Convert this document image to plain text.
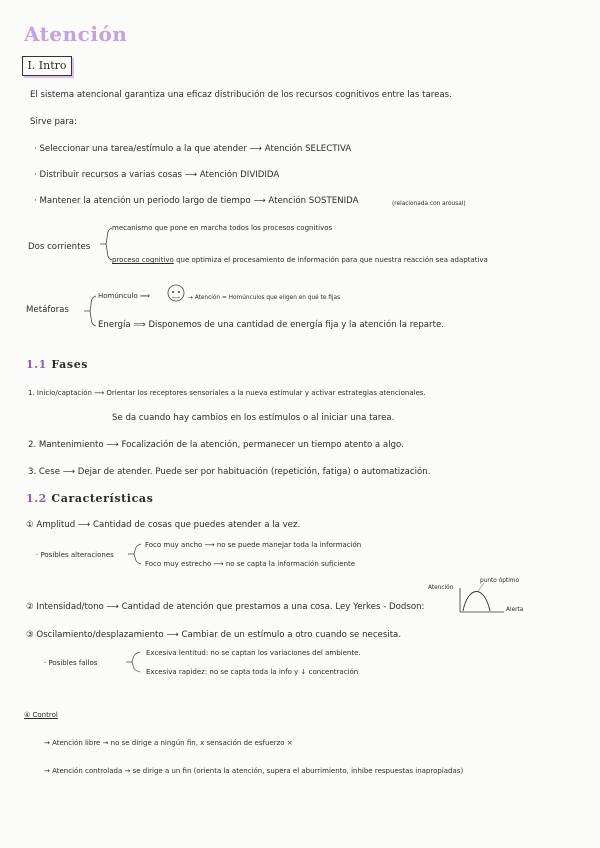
Atención
I. Intro
El sistema atencional garantiza una eficaz distribución de los recursos cognitivos entre las tareas.
Sirve para:
· Seleccionar una tarea/estímulo a la que atender ⟶ Atención SELECTIVA
· Distribuir recursos a varias cosas ⟶ Atención DIVIDIDA
· Mantener la atención un periodo largo de tiempo ⟶ Atención SOSTENIDA	(relacionada con arousal)
Dos corrientes
mecanismo que pone en marcha todos los procesos cognitivos
proceso cognitivo que optimiza el procesamiento de información para que nuestra reacción sea adaptativa
Metáforas
Homúnculo ⟹	→ Atención = Homúnculos que eligen en qué te fijas
Energía ⟹ Disponemos de una cantidad de energía fija y la atención la reparte.
1.1 Fases
1. Inicio/captación ⟶ Orientar los receptores sensoriales a la nueva estimular y activar estrategias atencionales.
Se da cuando hay cambios en los estímulos o al iniciar una tarea.
2. Mantenimiento ⟶ Focalización de la atención, permanecer un tiempo atento a algo.
3. Cese ⟶ Dejar de atender. Puede ser por habituación (repetición, fatiga) o automatización.
1.2 Características
① Amplitud ⟶ Cantidad de cosas que puedes atender a la vez.
· Posibles alteraciones
Foco muy ancho ⟶ no se puede manejar toda la información
Foco muy estrecho ⟶ no se capta la información suficiente
② Intensidad/tono ⟶ Cantidad de atención que prestamos a una cosa. Ley Yerkes - Dodson:
Atención
punto óptimo
Alerta
③ Oscilamiento/desplazamiento ⟶ Cambiar de un estímulo a otro cuando se necesita.
· Posibles fallos
Excesiva lentitud: no se captan los variaciones del ambiente.
Excesiva rapidez: no se capta toda la info y ↓ concentración
④ Control
→ Atención libre → no se dirige a ningún fin, x sensación de esfuerzo ×
→ Atención controlada → se dirige a un fin (orienta la atención, supera el aburrimiento, inhibe respuestas inapropiadas)
